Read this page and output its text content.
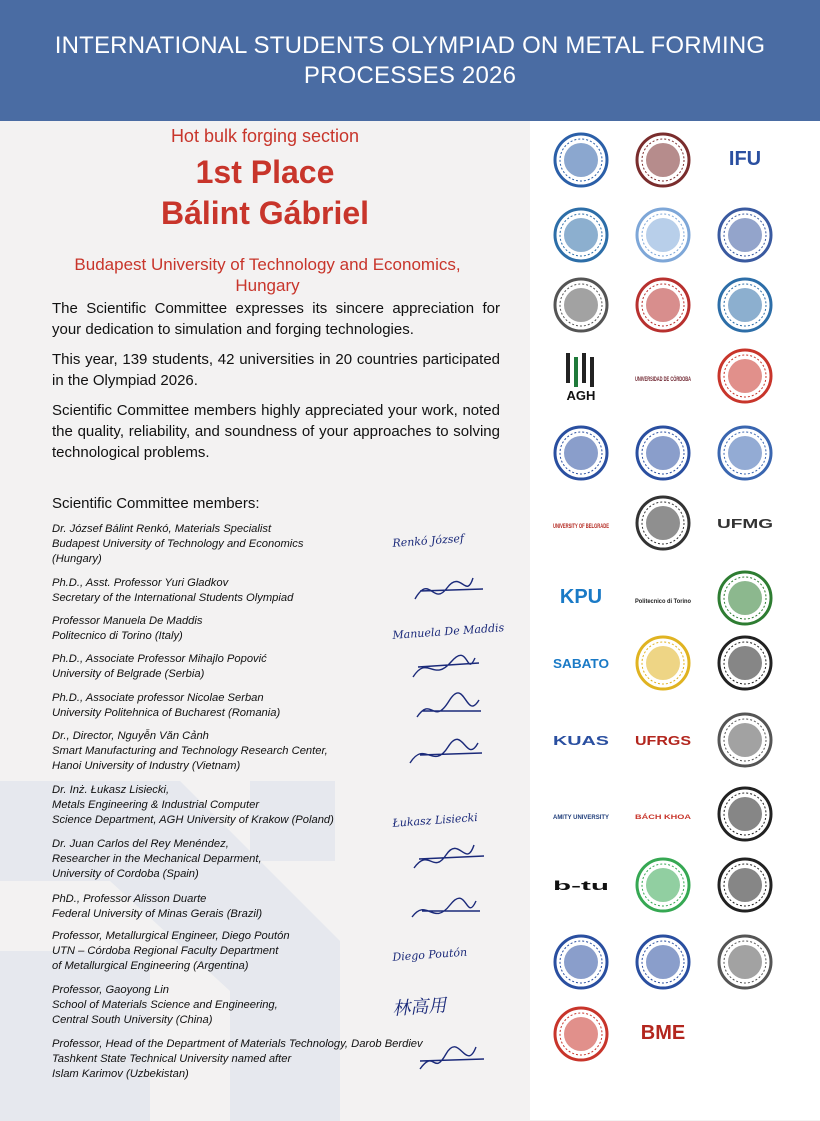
INTERNATIONAL STUDENTS OLYMPIAD ON METAL FORMING PROCESSES 2026
Hot bulk forging section
1st Place
Bálint Gábriel
Budapest University of Technology and Economics, Hungary
The Scientific Committee expresses its sincere appreciation for your dedication to simulation and forging technologies.
This year, 139 students, 42 universities in 20 countries participated in the Olympiad 2026.
Scientific Committee members highly appreciated your work, noted the quality, reliability, and soundness of your approaches to solving technological problems.
Scientific Committee members:
Dr. József Bálint Renkó, Materials Specialist
Budapest University of Technology and Economics
(Hungary)
Ph.D., Asst. Professor Yuri Gladkov
Secretary of the International Students Olympiad
Professor Manuela De Maddis
Politecnico di Torino (Italy)
Ph.D., Associate Professor Mihajlo Popović
University of Belgrade (Serbia)
Ph.D., Associate professor Nicolae Serban
University Politehnica of Bucharest (Romania)
Dr., Director, Nguyễn Văn Cảnh
Smart Manufacturing and Technology Research Center,
Hanoi University of Industry (Vietnam)
Dr. Inż. Łukasz Lisiecki,
Metals Engineering & Industrial Computer
Science Department, AGH University of Krakow (Poland)
Dr. Juan Carlos del Rey Menéndez,
Researcher in the Mechanical Deparment,
University of Cordoba (Spain)
PhD., Professor Alisson Duarte
Federal University of Minas Gerais (Brazil)
Professor, Metallurgical Engineer, Diego Poutón
UTN – Córdoba Regional Faculty Department
of Metallurgical Engineering (Argentina)
Professor, Gaoyong Lin
School of Materials Science and Engineering,
Central South University (China)
Professor, Head of the Department of Materials Technology, Darob Berdiev
Tashkent State Technical University named after
Islam Karimov (Uzbekistan)
Renkó József
Manuela De Maddis
Łukasz Lisiecki
Diego Poutón
林高用
IFU
AGH
UNIVERSIDAD DE CÓRDOBA
UNIVERSITY OF BELGRADE	UFMG
KPU	Politecnico di Torino
SABATO
KUAS UFRGS
AMITY UNIVERSITY	BÁCH KHOA
b-tu
BME
